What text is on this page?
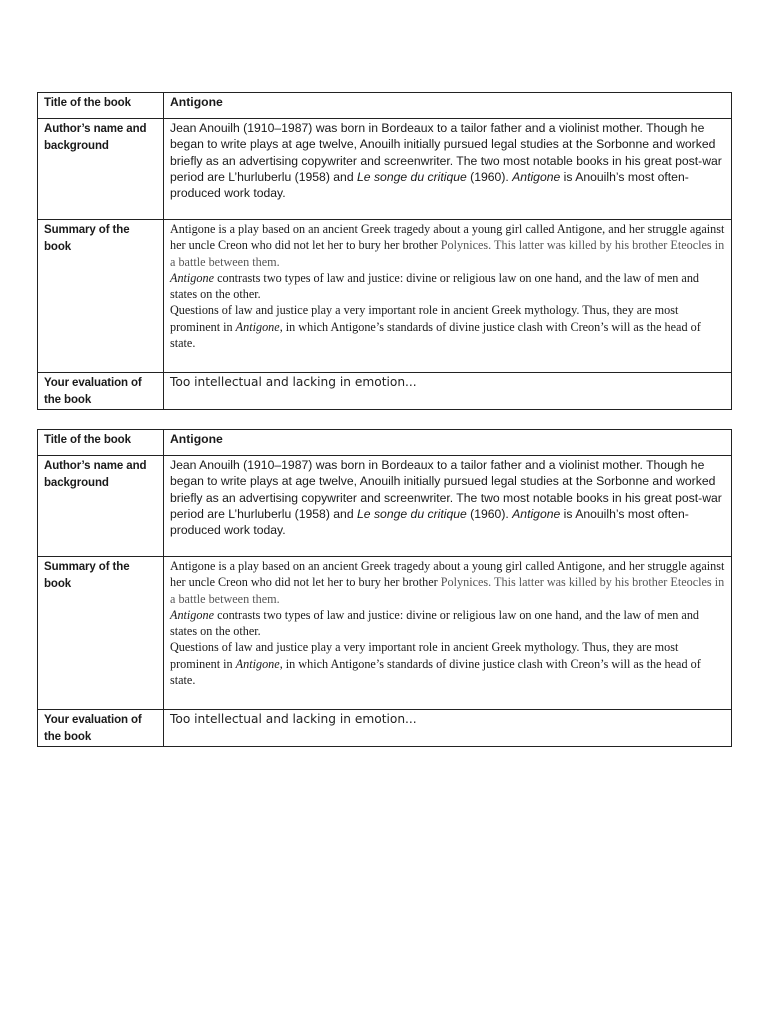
Title of the book	Antigone
Author’s name and background	Jean Anouilh (1910–1987) was born in Bordeaux to a tailor father and a violinist mother. Though he began to write plays at age twelve, Anouilh initially pursued legal studies at the Sorbonne and worked briefly as an advertising copywriter and screenwriter. The two most notable books in his great post-war period are L’hurluberlu (1958) and Le songe du critique (1960). Antigone is Anouilh’s most often-produced work today.
Summary of the book	Antigone is a play based on an ancient Greek tragedy about a young girl called Antigone, and her struggle against her uncle Creon who did not let her to bury her brother Polynices. This latter was killed by his brother Eteocles in a battle between them.

Antigone contrasts two types of law and justice: divine or religious law on one hand, and the law of men and states on the other.

Questions of law and justice play a very important role in ancient Greek mythology. Thus, they are most prominent in Antigone, in which Antigone’s standards of divine justice clash with Creon’s will as the head of state.

Your evaluation of the book	Too intellectual and lacking in emotion...
Title of the book	Antigone
Author’s name and background	Jean Anouilh (1910–1987) was born in Bordeaux to a tailor father and a violinist mother. Though he began to write plays at age twelve, Anouilh initially pursued legal studies at the Sorbonne and worked briefly as an advertising copywriter and screenwriter. The two most notable books in his great post-war period are L’hurluberlu (1958) and Le songe du critique (1960). Antigone is Anouilh’s most often-produced work today.
Summary of the book	Antigone is a play based on an ancient Greek tragedy about a young girl called Antigone, and her struggle against her uncle Creon who did not let her to bury her brother Polynices. This latter was killed by his brother Eteocles in a battle between them.

Antigone contrasts two types of law and justice: divine or religious law on one hand, and the law of men and states on the other.

Questions of law and justice play a very important role in ancient Greek mythology. Thus, they are most prominent in Antigone, in which Antigone’s standards of divine justice clash with Creon’s will as the head of state.

Your evaluation of the book	Too intellectual and lacking in emotion...
